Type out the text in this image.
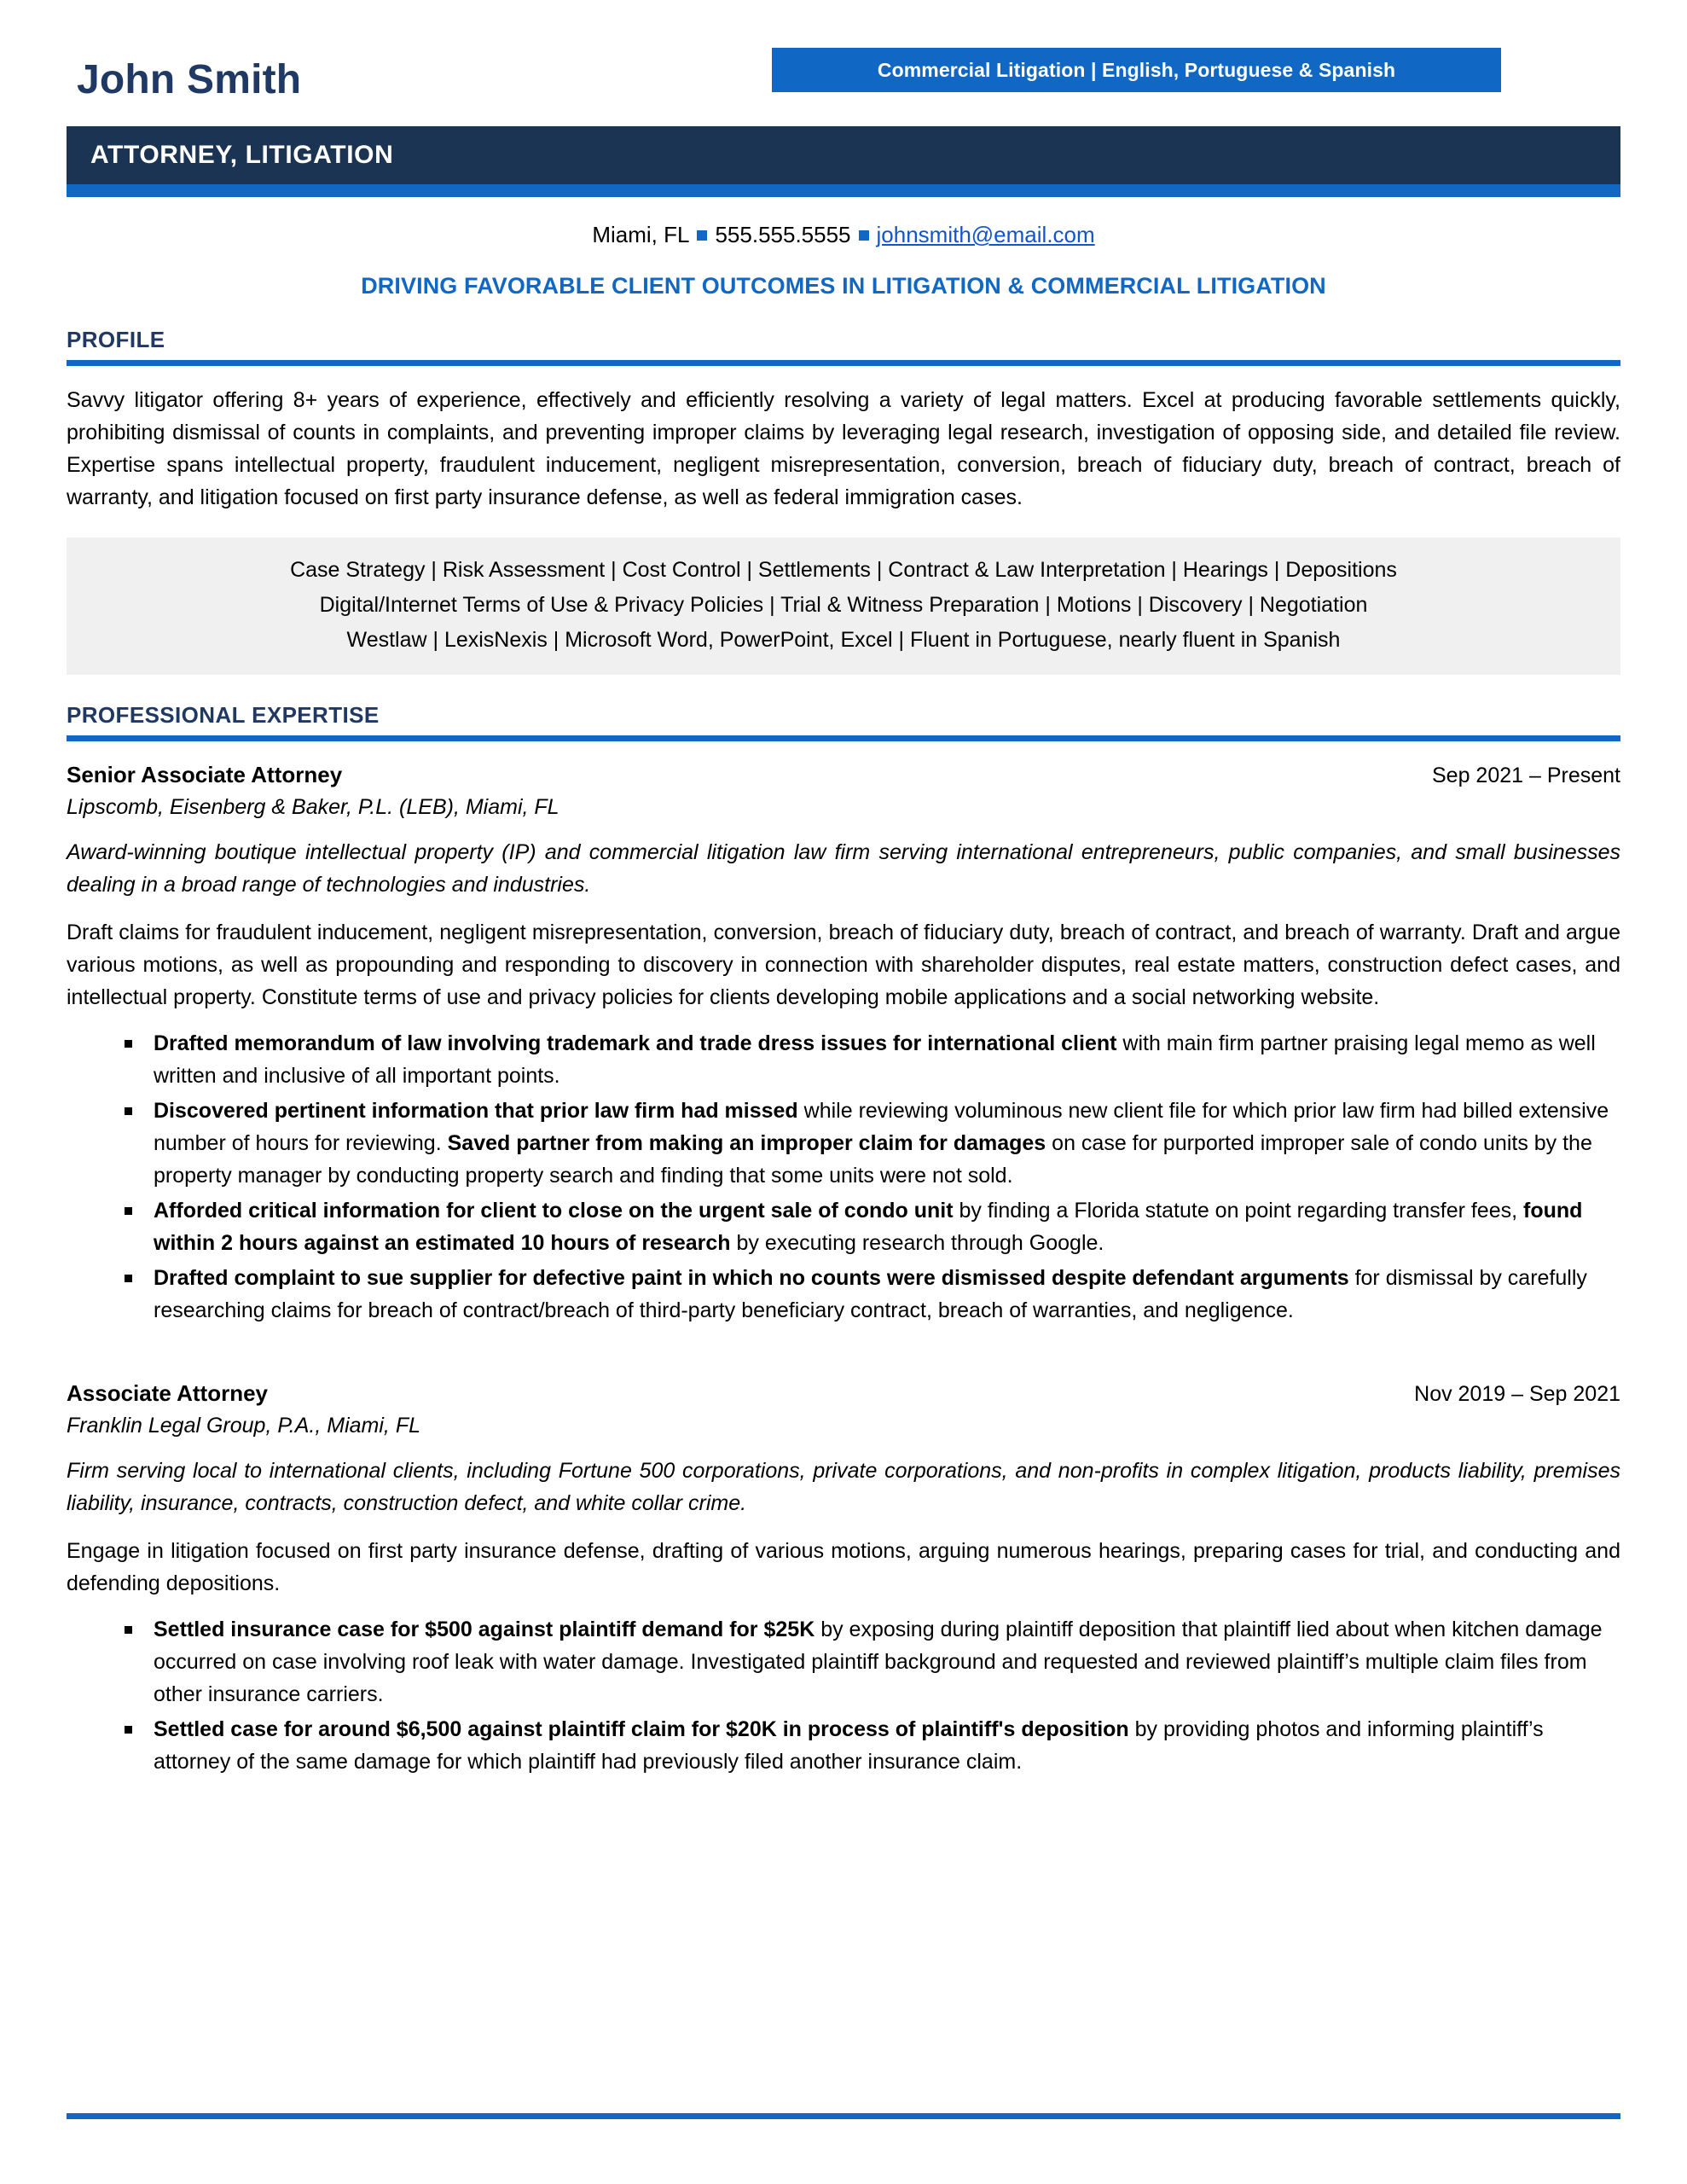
John Smith	Commercial Litigation | English, Portuguese & Spanish
ATTORNEY, LITIGATION
Miami, FL 555.555.5555 johnsmith@email.com
DRIVING FAVORABLE CLIENT OUTCOMES IN LITIGATION & COMMERCIAL LITIGATION
PROFILE

Savvy litigator offering 8+ years of experience, effectively and efficiently resolving a variety of legal matters. Excel at producing favorable settlements quickly, prohibiting dismissal of counts in complaints, and preventing improper claims by leveraging legal research, investigation of opposing side, and detailed file review. Expertise spans intellectual property, fraudulent inducement, negligent misrepresentation, conversion, breach of fiduciary duty, breach of contract, breach of warranty, and litigation focused on first party insurance defense, as well as federal immigration cases.

Case Strategy | Risk Assessment | Cost Control | Settlements | Contract & Law Interpretation | Hearings | Depositions
Digital/Internet Terms of Use & Privacy Policies | Trial & Witness Preparation | Motions | Discovery | Negotiation
Westlaw | LexisNexis | Microsoft Word, PowerPoint, Excel | Fluent in Portuguese, nearly fluent in Spanish
PROFESSIONAL EXPERTISE
Senior Associate Attorney	Sep 2021 – Present
Lipscomb, Eisenberg & Baker, P.L. (LEB), Miami, FL

Award-winning boutique intellectual property (IP) and commercial litigation law firm serving international entrepreneurs, public companies, and small businesses dealing in a broad range of technologies and industries.

Draft claims for fraudulent inducement, negligent misrepresentation, conversion, breach of fiduciary duty, breach of contract, and breach of warranty. Draft and argue various motions, as well as propounding and responding to discovery in connection with shareholder disputes, real estate matters, construction defect cases, and intellectual property. Constitute terms of use and privacy policies for clients developing mobile applications and a social networking website.

Drafted memorandum of law involving trademark and trade dress issues for international client with main firm partner praising legal memo as well written and inclusive of all important points.
Discovered pertinent information that prior law firm had missed while reviewing voluminous new client file for which prior law firm had billed extensive number of hours for reviewing. Saved partner from making an improper claim for damages on case for purported improper sale of condo units by the property manager by conducting property search and finding that some units were not sold.
Afforded critical information for client to close on the urgent sale of condo unit by finding a Florida statute on point regarding transfer fees, found within 2 hours against an estimated 10 hours of research by executing research through Google.
Drafted complaint to sue supplier for defective paint in which no counts were dismissed despite defendant arguments for dismissal by carefully researching claims for breach of contract/breach of third-party beneficiary contract, breach of warranties, and negligence.
Associate Attorney	Nov 2019 – Sep 2021
Franklin Legal Group, P.A., Miami, FL

Firm serving local to international clients, including Fortune 500 corporations, private corporations, and non-profits in complex litigation, products liability, premises liability, insurance, contracts, construction defect, and white collar crime.

Engage in litigation focused on first party insurance defense, drafting of various motions, arguing numerous hearings, preparing cases for trial, and conducting and defending depositions.

Settled insurance case for $500 against plaintiff demand for $25K by exposing during plaintiff deposition that plaintiff lied about when kitchen damage occurred on case involving roof leak with water damage. Investigated plaintiff background and requested and reviewed plaintiff’s multiple claim files from other insurance carriers.
Settled case for around $6,500 against plaintiff claim for $20K in process of plaintiff's deposition by providing photos and informing plaintiff’s attorney of the same damage for which plaintiff had previously filed another insurance claim.
